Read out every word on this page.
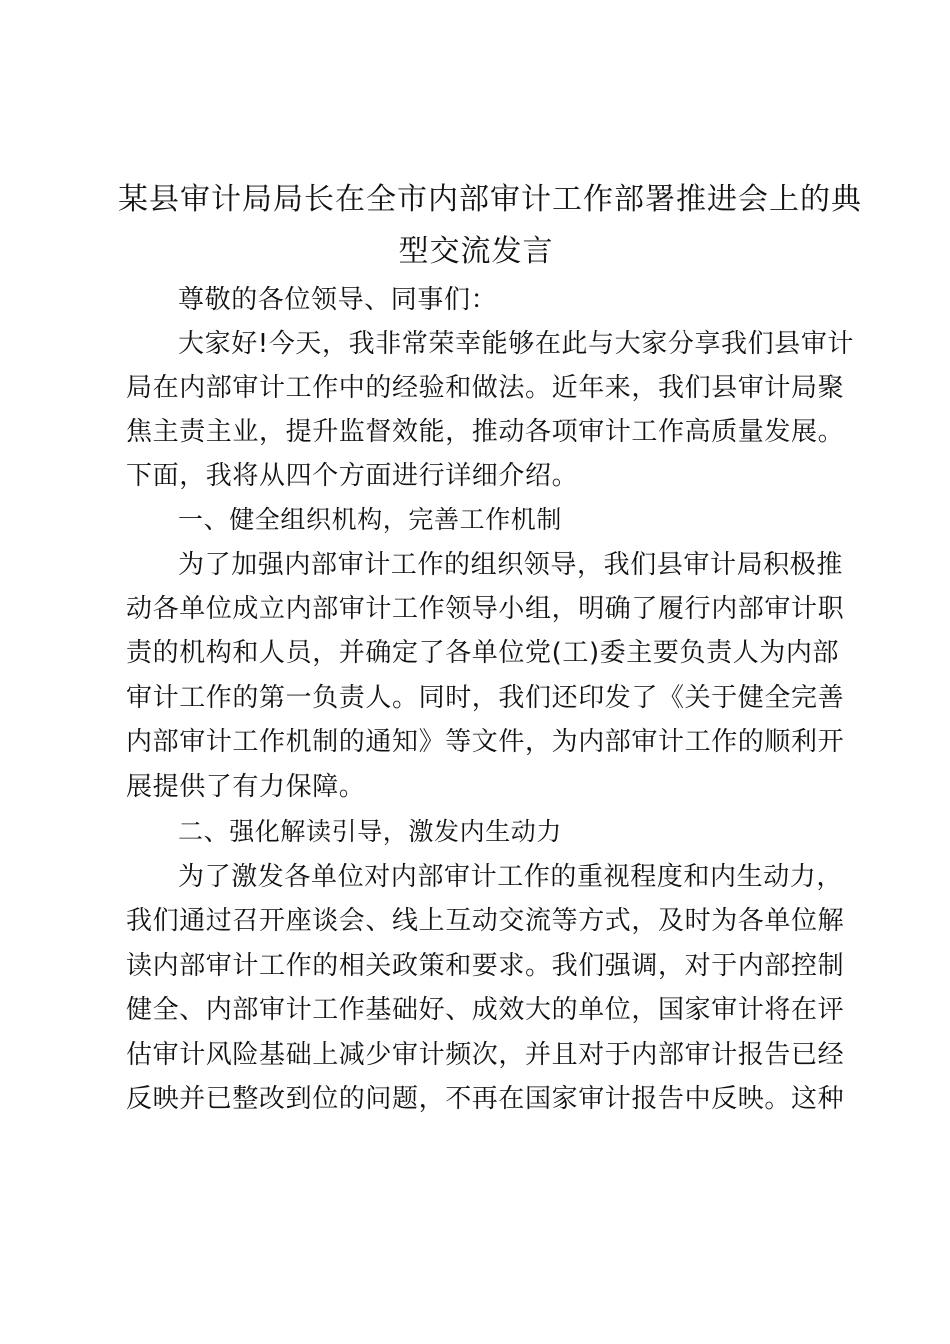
某县审计局局长在全市内部审计工作部署推进会上的典
型交流发言
尊敬的各位领导、同事们：
大家好!今天，我非常荣幸能够在此与大家分享我们县审计
局在内部审计工作中的经验和做法。近年来，我们县审计局聚
焦主责主业，提升监督效能，推动各项审计工作高质量发展。
下面，我将从四个方面进行详细介绍。
一、健全组织机构，完善工作机制
为了加强内部审计工作的组织领导，我们县审计局积极推
动各单位成立内部审计工作领导小组，明确了履行内部审计职
责的机构和人员，并确定了各单位党(工)委主要负责人为内部
审计工作的第一负责人。同时，我们还印发了《关于健全完善
内部审计工作机制的通知》等文件，为内部审计工作的顺利开
展提供了有力保障。
二、强化解读引导，激发内生动力
为了激发各单位对内部审计工作的重视程度和内生动力，
我们通过召开座谈会、线上互动交流等方式，及时为各单位解
读内部审计工作的相关政策和要求。我们强调，对于内部控制
健全、内部审计工作基础好、成效大的单位，国家审计将在评
估审计风险基础上减少审计频次，并且对于内部审计报告已经
反映并已整改到位的问题，不再在国家审计报告中反映。这种
